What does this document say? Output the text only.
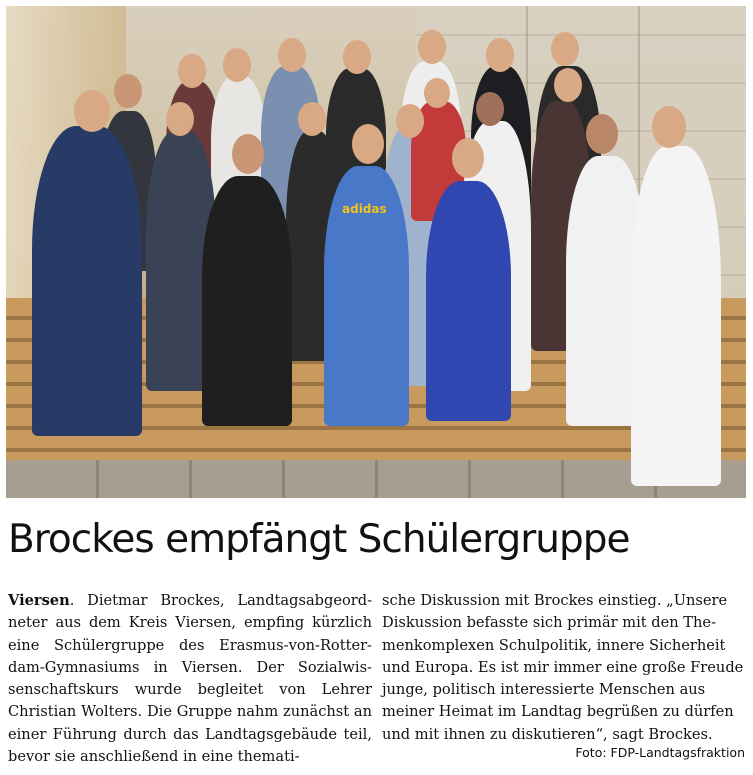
adidas
Brockes empfängt Schülergruppe

Viersen. Dietmar Brockes, Landtagsabgeord-neter aus dem Kreis Viersen, empfing kürzlich eine Schülergruppe des Erasmus-von-Rotter-dam-Gymnasiums in Viersen. Der Sozialwis-senschaftskurs wurde begleitet von Lehrer Christian Wolters. Die Gruppe nahm zunächst an einer Führung durch das Landtagsgebäude teil, bevor sie anschließend in eine themati-

sche Diskussion mit Brockes einstieg. „Unsere Diskussion befasste sich primär mit den The-menkomplexen Schulpolitik, innere Sicherheit und Europa. Es ist mir immer eine große Freude junge, politisch interessierte Menschen aus meiner Heimat im Landtag begrüßen zu dürfen und mit ihnen zu diskutieren“, sagt Brockes.

Foto: FDP-Landtagsfraktion
